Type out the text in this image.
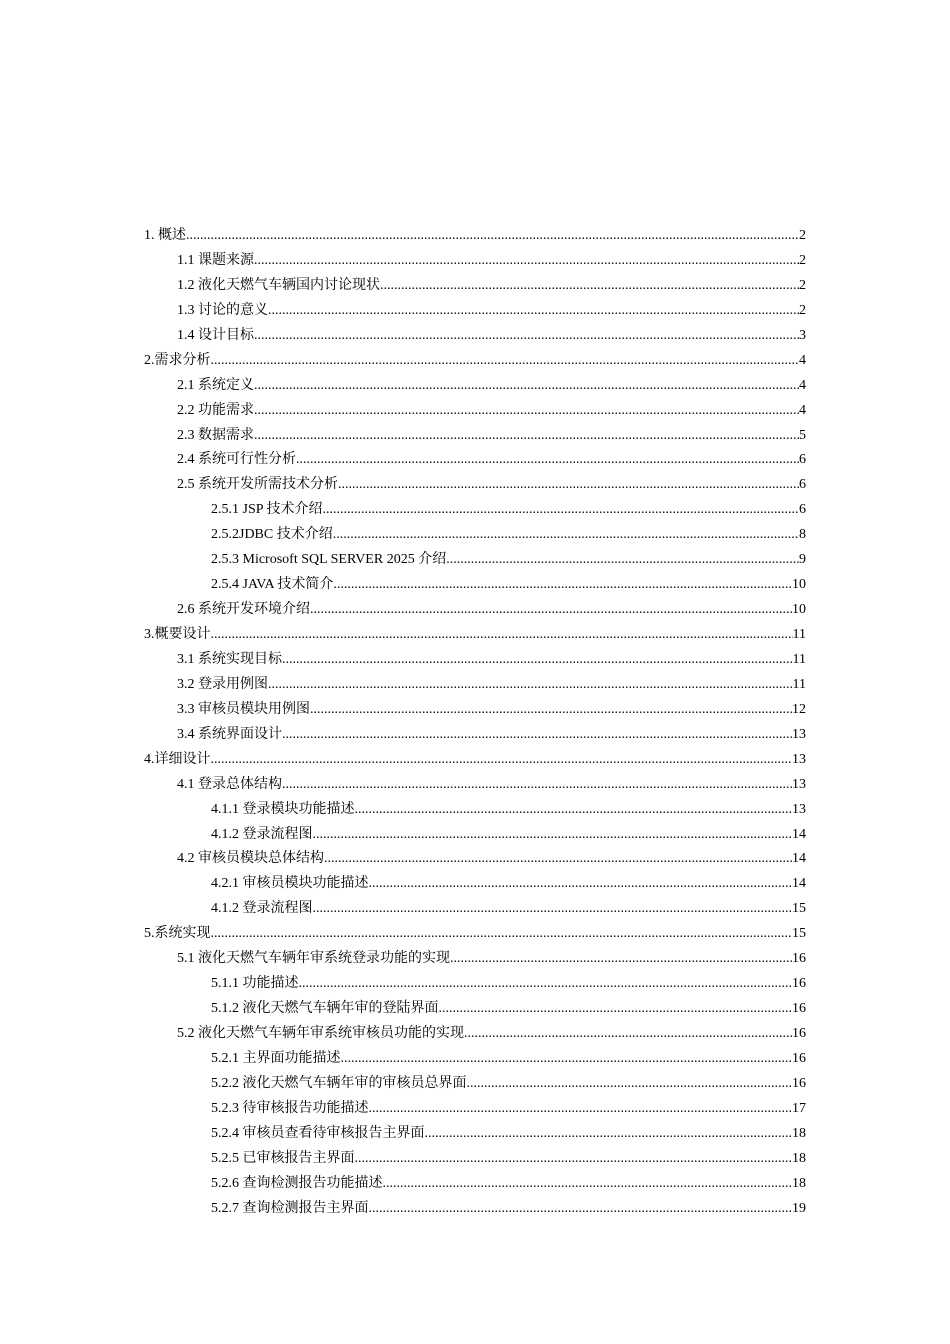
1. 概述 .....	2
1.1 课题来源 .....	2
1.2 液化天燃气车辆国内讨论现状 .....	2
1.3 讨论的意义 .....	2
1.4 设计目标 .....	3
2.需求分析 .....	4
2.1 系统定义 .....	4
2.2 功能需求 .....	4
2.3 数据需求 .....	5
2.4 系统可行性分析 .....	6
2.5 系统开发所需技术分析 .....	6
2.5.1 JSP 技术介绍 .....	6
2.5.2JDBC 技术介绍 .....	8
2.5.3 Microsoft SQL SERVER 2025 介绍 .....	9
2.5.4 JAVA 技术简介 .....	10
2.6 系统开发环境介绍 .....	10
3.概要设计 .....	11
3.1 系统实现目标 .....	11
3.2 登录用例图 .....	11
3.3 审核员模块用例图 .....	12
3.4 系统界面设计 .....	13
4.详细设计 .....	13
4.1 登录总体结构 .....	13
4.1.1 登录模块功能描述 .....	13
4.1.2 登录流程图 .....	14
4.2 审核员模块总体结构 .....	14
4.2.1 审核员模块功能描述 .....	14
4.1.2 登录流程图 .....	15
5.系统实现 .....	15
5.1 液化天燃气车辆年审系统登录功能的实现 .....	16
5.1.1 功能描述 .....	16
5.1.2 液化天燃气车辆年审的登陆界面 .....	16
5.2 液化天燃气车辆年审系统审核员功能的实现 .....	16
5.2.1 主界面功能描述 .....	16
5.2.2 液化天燃气车辆年审的审核员总界面 .....	16
5.2.3 待审核报告功能描述 .....	17
5.2.4 审核员查看待审核报告主界面 .....	18
5.2.5 已审核报告主界面 .....	18
5.2.6 查询检测报告功能描述 .....	18
5.2.7 查询检测报告主界面 .....	19
